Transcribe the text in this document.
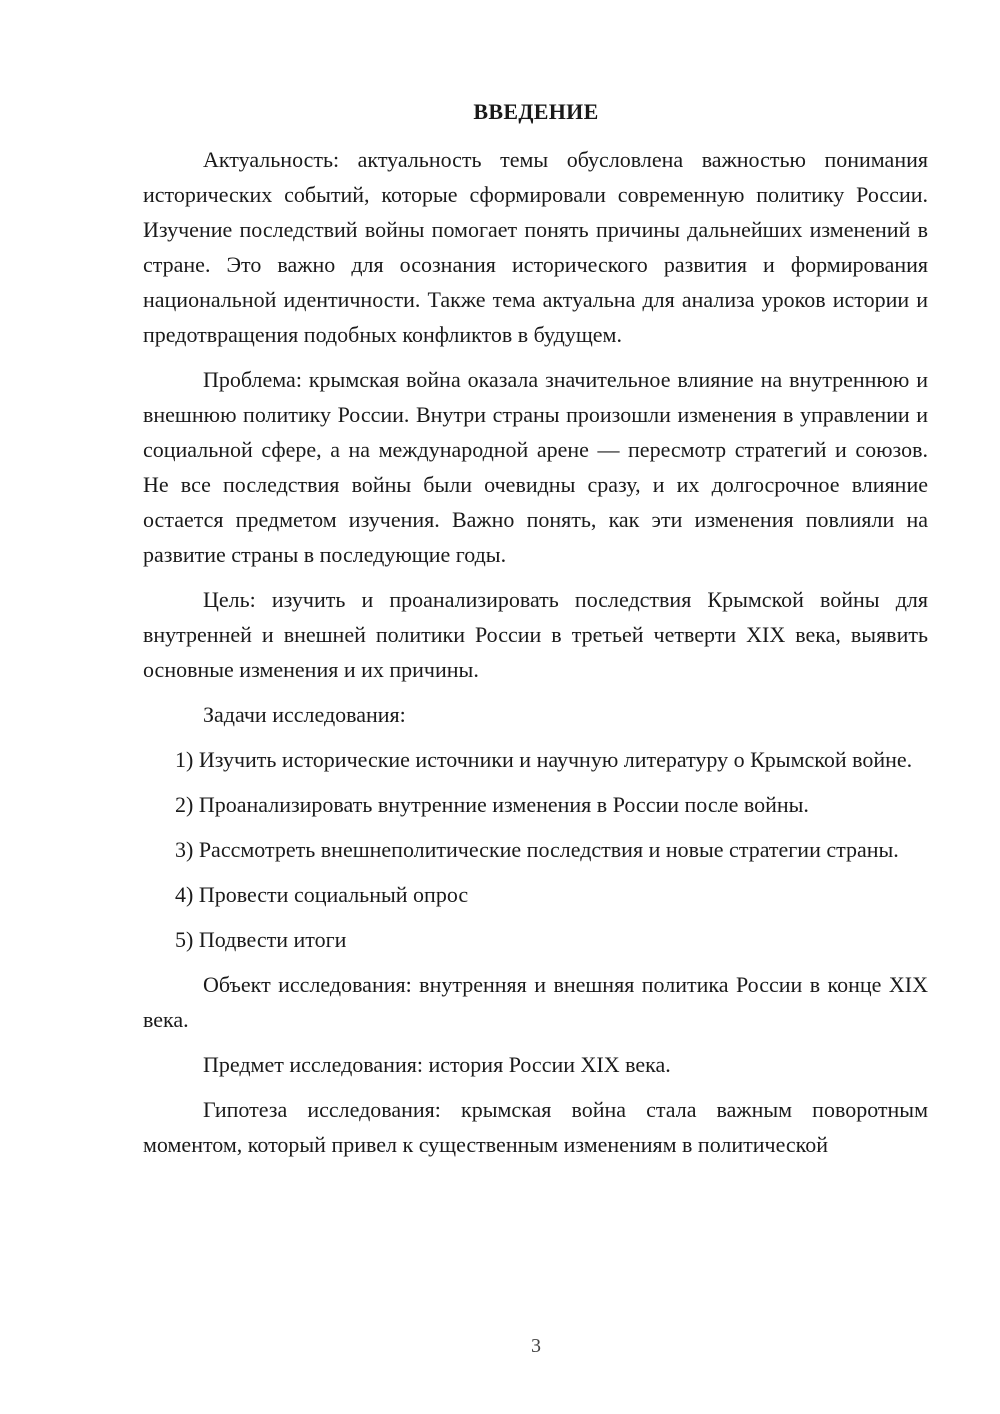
ВВЕДЕНИЕ

Актуальность: актуальность темы обусловлена важностью понимания исторических событий, которые сформировали современную политику России. Изучение последствий войны помогает понять причины дальнейших изменений в стране. Это важно для осознания исторического развития и формирования национальной идентичности. Также тема актуальна для анализа уроков истории и предотвращения подобных конфликтов в будущем.

Проблема: крымская война оказала значительное влияние на внутреннюю и внешнюю политику России. Внутри страны произошли изменения в управлении и социальной сфере, а на международной арене — пересмотр стратегий и союзов. Не все последствия войны были очевидны сразу, и их долгосрочное влияние остается предметом изучения. Важно понять, как эти изменения повлияли на развитие страны в последующие годы.

Цель: изучить и проанализировать последствия Крымской войны для внутренней и внешней политики России в третьей четверти XIX века, выявить основные изменения и их причины.

Задачи исследования:

1) Изучить исторические источники и научную литературу о Крымской войне.

2) Проанализировать внутренние изменения в России после войны.

3) Рассмотреть внешнеполитические последствия и новые стратегии страны.

4) Провести социальный опрос

5) Подвести итоги

Объект исследования: внутренняя и внешняя политика России в конце XIX века.

Предмет исследования: история России XIX века.

Гипотеза исследования: крымская война стала важным поворотным моментом, который привел к существенным изменениям в политической

3
